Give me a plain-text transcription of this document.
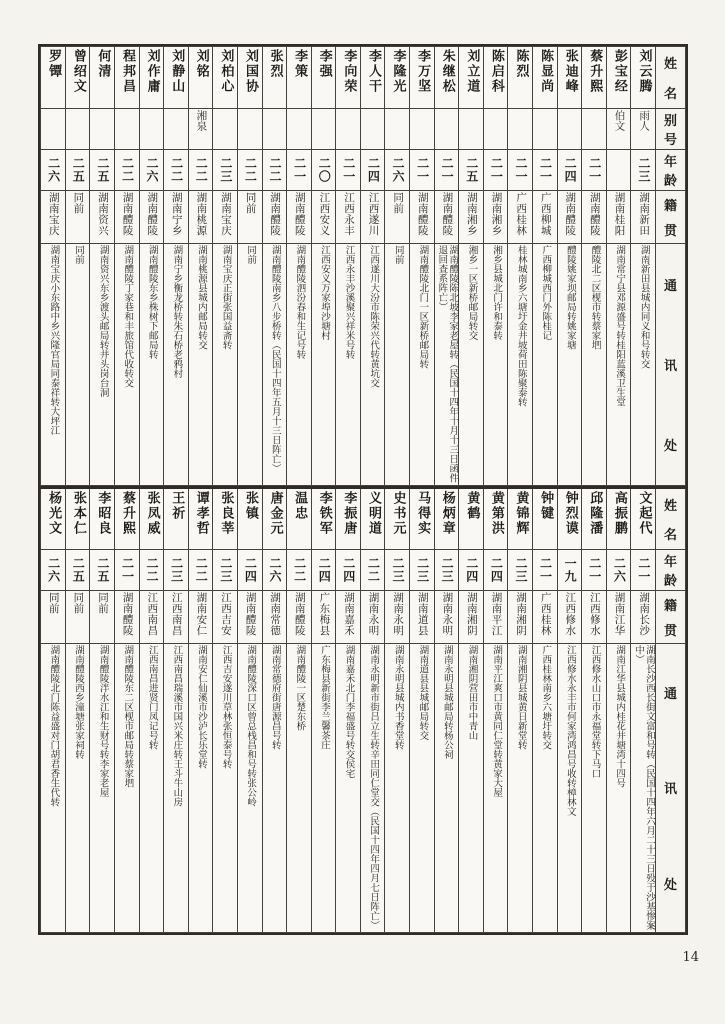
姓
名	刘云腾	彭宝经	蔡升熙	张迪峰	陈显尚	陈烈	陈启科	刘立道	朱继松	李万坚	李隆光	李人干	李向荣	李强	李策	张烈	刘国协	刘柏心	刘铭	刘静山	刘作庸	程邦昌	何清	曾绍文	罗镡

别
号	雨人	伯文																	湘泉						

年
龄	二三		二一	二四	二一	二一	二一	二五	二一	二一	二六	二四	二一	二〇	二一	二二	二二	二三	二二	二二	二六	二二	二五	二五	二六

籍
贯	湖南新田	湖南桂阳	湖南醴陵	湖南醴陵	广西柳城	广西桂林	湖南湘乡	湖南湘乡	湖南醴陵	湖南醴陵	同前	江西遂川	江西永丰	江西安义	湖南醴陵	湖南醴陵	同前	湖南宝庆	湖南桃源	湖南宁乡	湖南醴陵	湖南醴陵	湖南资兴	同前	湖南宝庆

通
讯
处	湖南新田县城内同义和号转交	湖南常宁县邓源盛号转桂阳蓝溪卫生堂	醴陵北二区枧市转蔡家垇	醴陵姚家坝邮局转姚家塘	广西柳城西门外陈桂记	桂林城南乡六塘圩金井坡荷田陈聚泰转	湘乡县城北门许和泰转	湘乡一区新桥邮局转交	湖南醴陵陈北坡李家老屋转（民国十四年十月十三日函件退回查系阵亡）	湖南醴陵北门一区新桥邮局转	同前	江西遂川大汾市陈荣兴代转黄坑交	江西永丰沙溪聚兴祥米号转	江西安义万家埠沙塘村	湖南醴陵泗汾春和生记号转	湖南醴陵南乡八步桥转（民国十四年五月十三日阵亡）	同前	湖南宝庆正街张国益斋转	湖南桃源县城内邮局转交	湖南宁乡衡龙桥转朱石桥老鸦村	湖南醴陵东乡株树下邮局转	湖南醴陵丁家巷和丰旅馆代收转交	湖南资兴东乡渡头邮局转井头岗台洞	同前	湖南宝庆小东路中乡兴隆官局同泰祥转大坪江
姓
名	文起代	高振鹏	邱隆潘	钟烈谟	钟键	黄锦辉	黄第洪	黄鹤	杨炳章	马得实	史书元	义明道	李振唐	李铁军	温忠	唐金元	张镇	张良莘	谭孝哲	王祈	张凤威	蔡升熙	李昭良	张本仁	杨光文

年
龄	二一	二六	二一	一九	二一	二三	二四	二四	二三	二三	二三	二二	二四	二四	二二	二六	二四	二三	二二	二三	二二	二一	二五	二五	二六

籍
贯	湖南长沙	湖南江华	江西修水	江西修水	广西桂林	湖南湘阴	湖南平江	湖南湘阴	湖南永明	湖南道县	湖南永明	湖南永明	湖南嘉禾	广东梅县	湖南醴陵	湖南常德	湖南醴陵	江西吉安	湖南安仁	江西南昌	江西南昌	湖南醴陵	同前	同前	同前

通
讯
处	湖南长沙西长街文富和号转（民国十四年六月二十三日殁于沙基惨案中）	湖南江华县城内桂花井塘湾十四号	江西修水山口市永福堂转下马口	江西修水永丰市何家湾鸿昌号收转樟林文	广西桂林南乡六塘圩转交	湖南湘阴县城黄日新堂转	湖南平江爽口市黄同仁堂转黄家大屋	湖南湘阴营田市中青山	湖南永明县城邮局转杨公祠	湖南道县县城邮局转交	湖南永明县城内书香堂转	湖南永明新市街吕立生转辛田同仁堂交（民国十四年四月七日阵亡）	湖南嘉禾北门李福盛号转交侯宅	广东梅县新街李兰馨茶庄	湖南醴陵一区楚东桥	湖南常德府街唐源昌号转	湖南醴陵深口区曾总栈昌和号转张公岭	江西吉安遂川草林张恒泰号转	湖南安仁仙溪市沙泸长乐堂转	江西南昌瑞溪市国兴米庄转王斗牛山房	江西南昌进贤门凤记号转	湖南醴陵东二区枧市邮局转蔡家垇	湖南醴陵泮水江和生财号转李家老屋	湖南醴陵西乡潼塘张家祠转	湖南醴陵北门陈益盛对门胡君香生代转
14
